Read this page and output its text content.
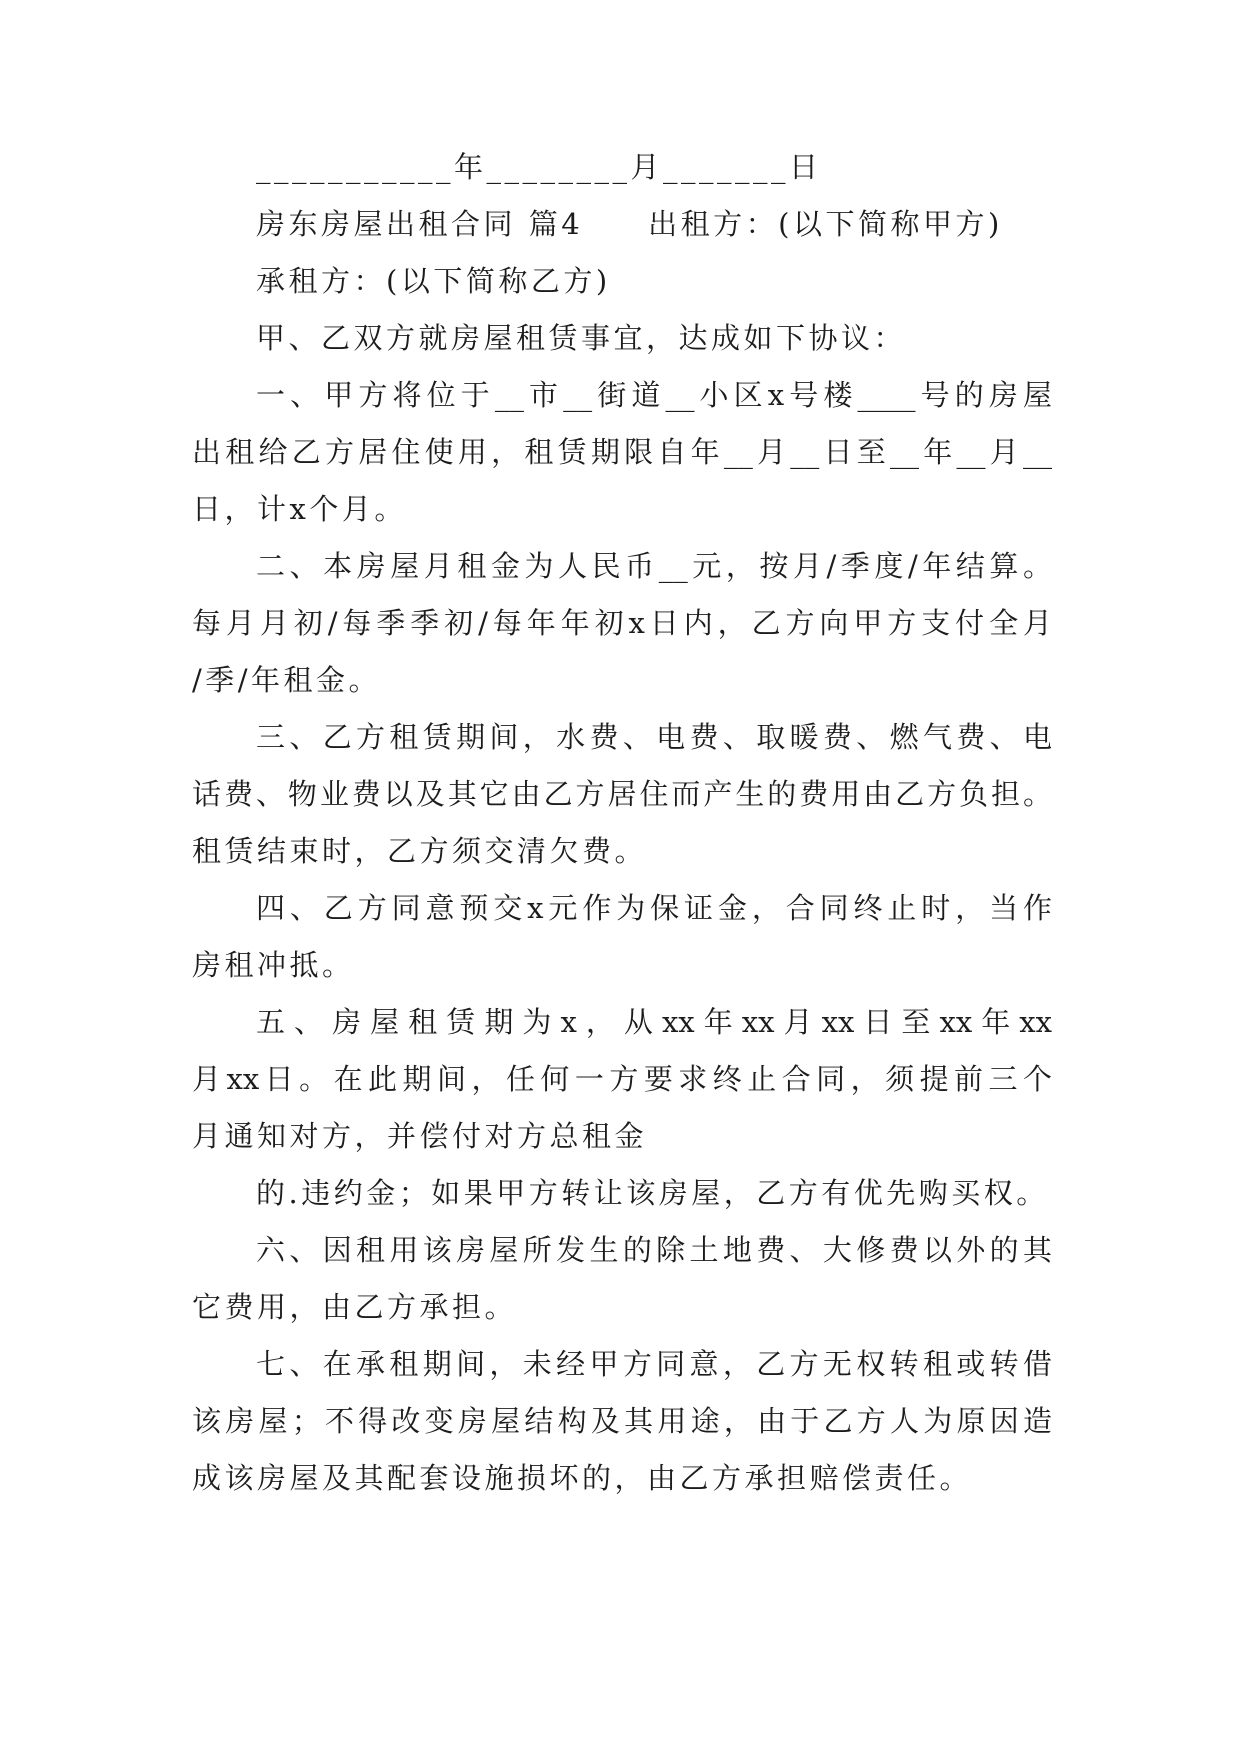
___________年________月_______日
房东房屋出租合同 篇4　　出租方：(以下简称甲方)
承租方：(以下简称乙方)
甲、乙双方就房屋租赁事宜，达成如下协议：
一、甲方将位于__市__街道__小区x号楼____号的房屋
出租给乙方居住使用，租赁期限自年__月__日至__年__月__
日，计x个月。
二、本房屋月租金为人民币__元，按月/季度/年结算。
每月月初/每季季初/每年年初x日内，乙方向甲方支付全月
/季/年租金。
三、乙方租赁期间，水费、电费、取暖费、燃气费、电
话费、物业费以及其它由乙方居住而产生的费用由乙方负担。
租赁结束时，乙方须交清欠费。
四、乙方同意预交x元作为保证金，合同终止时，当作
房租冲抵。
五、房屋租赁期为x，从xx年xx月xx日至xx年xx
月xx日。在此期间，任何一方要求终止合同，须提前三个
月通知对方，并偿付对方总租金
的.违约金；如果甲方转让该房屋，乙方有优先购买权。
六、因租用该房屋所发生的除土地费、大修费以外的其
它费用，由乙方承担。
七、在承租期间，未经甲方同意，乙方无权转租或转借
该房屋；不得改变房屋结构及其用途，由于乙方人为原因造
成该房屋及其配套设施损坏的，由乙方承担赔偿责任。
